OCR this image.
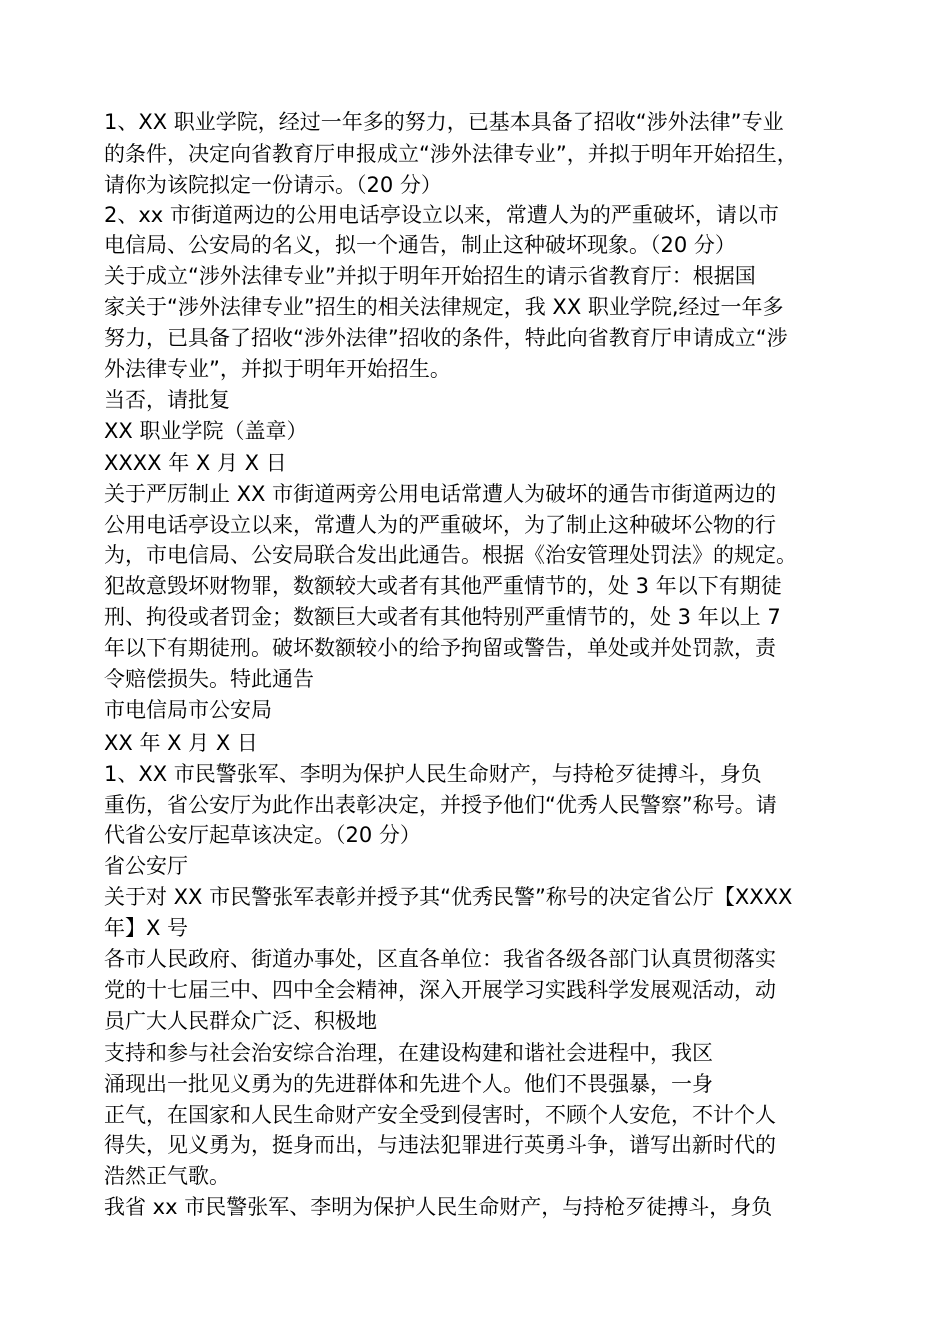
1、XX 职业学院，经过一年多的努力，已基本具备了招收“涉外法律”专业
的条件，决定向省教育厅申报成立“涉外法律专业”，并拟于明年开始招生，
请你为该院拟定一份请示。（20 分）
2、xx 市街道两边的公用电话亭设立以来，常遭人为的严重破坏，请以市
电信局、公安局的名义，拟一个通告，制止这种破坏现象。（20 分）
关于成立“涉外法律专业”并拟于明年开始招生的请示省教育厅：根据国
家关于“涉外法律专业”招生的相关法律规定，我 XX 职业学院,经过一年多
努力，已具备了招收“涉外法律”招收的条件，特此向省教育厅申请成立“涉
外法律专业”，并拟于明年开始招生。
当否，请批复
XX 职业学院（盖章）
XXXX 年 X 月 X 日
关于严厉制止 XX 市街道两旁公用电话常遭人为破坏的通告市街道两边的
公用电话亭设立以来，常遭人为的严重破坏，为了制止这种破坏公物的行
为，市电信局、公安局联合发出此通告。根据《治安管理处罚法》的规定。
犯故意毁坏财物罪，数额较大或者有其他严重情节的，处 3 年以下有期徒
刑、拘役或者罚金；数额巨大或者有其他特别严重情节的，处 3 年以上 7
年以下有期徒刑。破坏数额较小的给予拘留或警告，单处或并处罚款，责
令赔偿损失。特此通告
市电信局市公安局
XX 年 X 月 X 日
1、XX 市民警张军、李明为保护人民生命财产，与持枪歹徒搏斗，身负
重伤，省公安厅为此作出表彰决定，并授予他们“优秀人民警察”称号。请
代省公安厅起草该决定。（20 分）
省公安厅
关于对 XX 市民警张军表彰并授予其“优秀民警”称号的决定省公厅【XXXX
年】X 号
各市人民政府、街道办事处，区直各单位：我省各级各部门认真贯彻落实
党的十七届三中、四中全会精神，深入开展学习实践科学发展观活动，动
员广大人民群众广泛、积极地
支持和参与社会治安综合治理，在建设构建和谐社会进程中，我区
涌现出一批见义勇为的先进群体和先进个人。他们不畏强暴，一身
正气，在国家和人民生命财产安全受到侵害时，不顾个人安危，不计个人
得失，见义勇为，挺身而出，与违法犯罪进行英勇斗争，谱写出新时代的
浩然正气歌。
我省 xx 市民警张军、李明为保护人民生命财产，与持枪歹徒搏斗，身负
